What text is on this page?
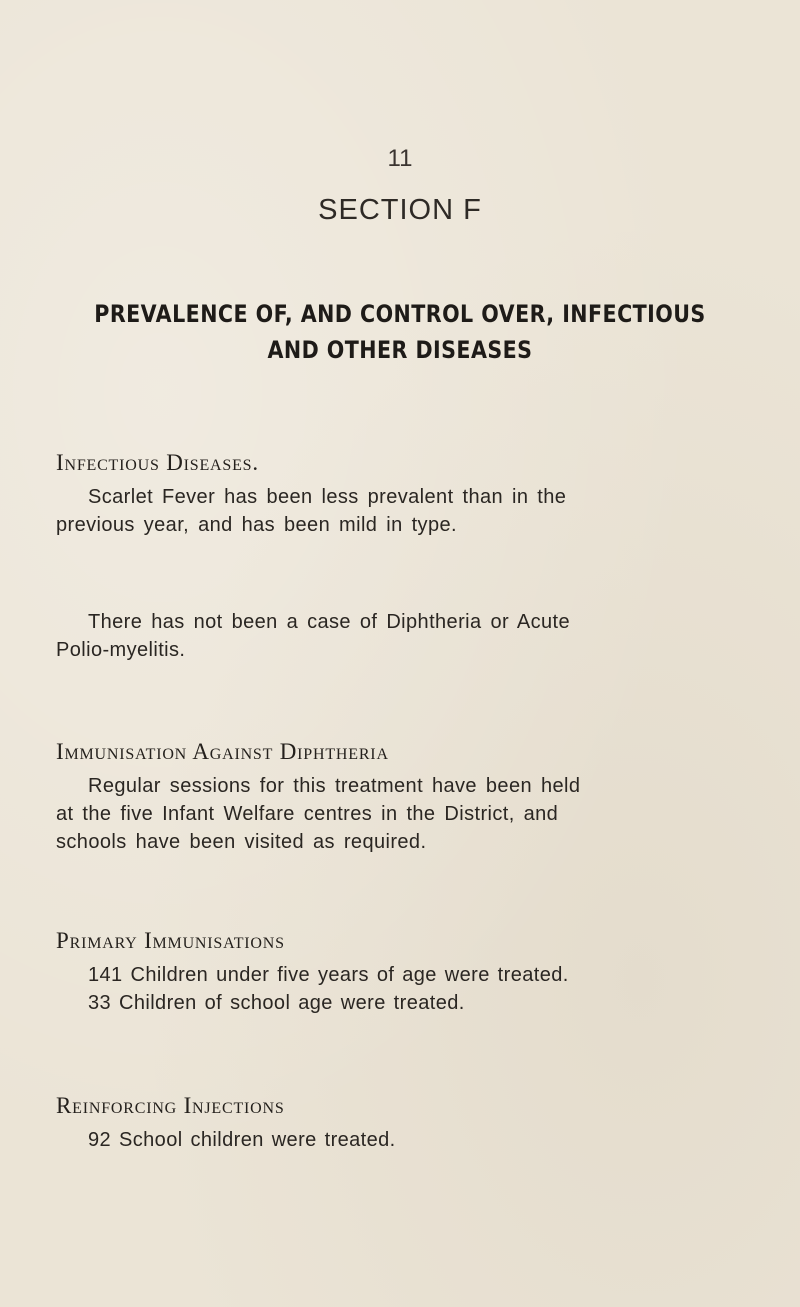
11
SECTION F
PREVALENCE OF, AND CONTROL OVER, INFECTIOUS
AND OTHER DISEASES
Infectious Diseases.
Scarlet Fever has been less prevalent than in the
previous year, and has been mild in type.
There has not been a case of Diphtheria or Acute
Polio-myelitis.
Immunisation Against Diphtheria
Regular sessions for this treatment have been held
at the five Infant Welfare centres in the District, and
schools have been visited as required.
Primary Immunisations
141 Children under five years of age were treated.
33 Children of school age were treated.
Reinforcing Injections
92 School children were treated.
